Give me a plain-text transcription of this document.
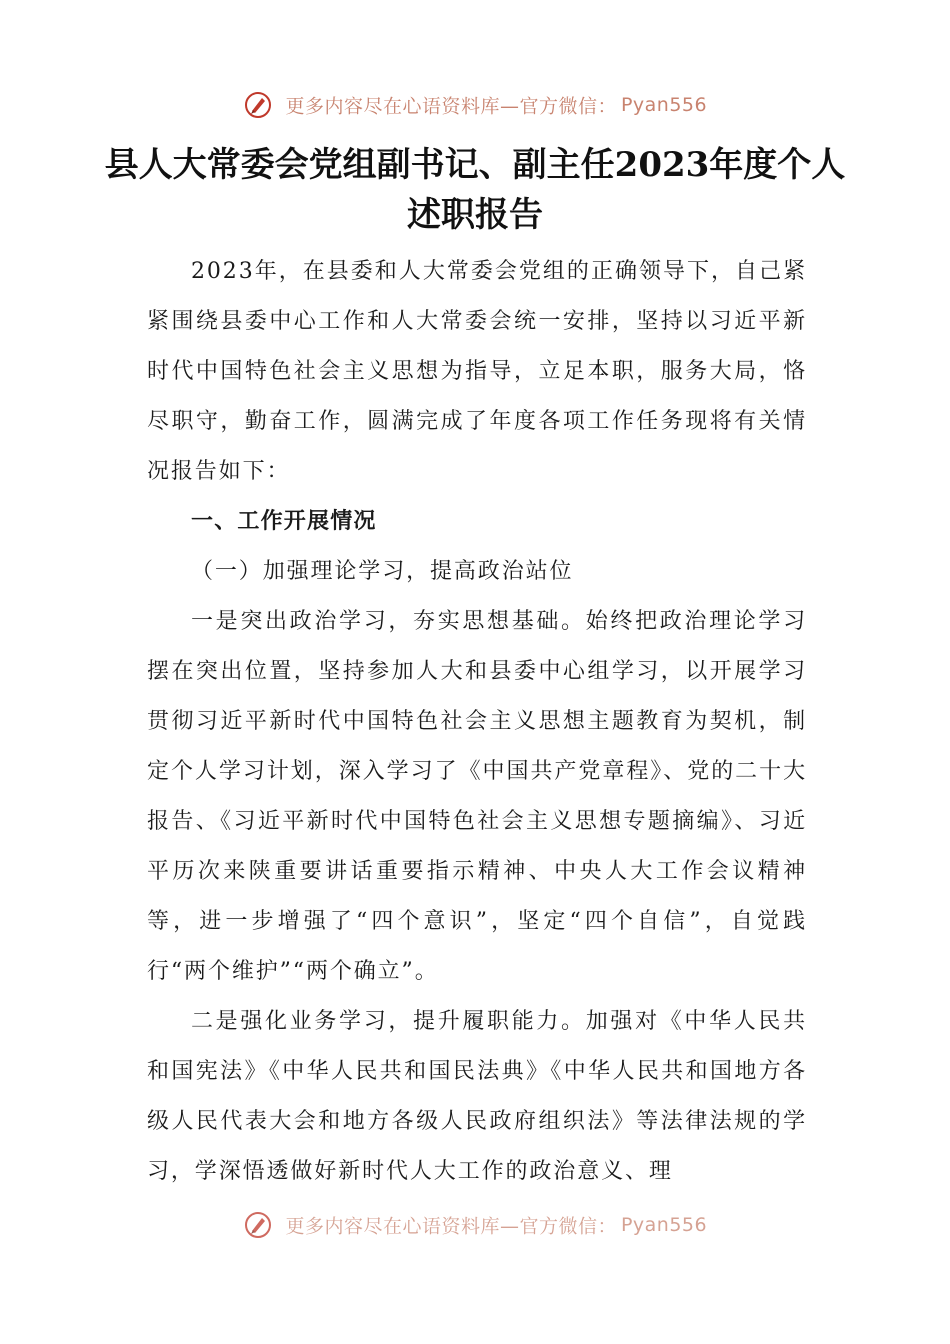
更多内容尽在心语资料库—官方微信： Pyan556
县人大常委会党组副书记、副主任2023年度个人述职报告

2023年，在县委和人大常委会党组的正确领导下，自己紧紧围绕县委中心工作和人大常委会统一安排，坚持以习近平新时代中国特色社会主义思想为指导，立足本职，服务大局，恪尽职守，勤奋工作，圆满完成了年度各项工作任务现将有关情况报告如下：

一、工作开展情况
（一）加强理论学习，提高政治站位

一是突出政治学习，夯实思想基础。始终把政治理论学习摆在突出位置，坚持参加人大和县委中心组学习，以开展学习贯彻习近平新时代中国特色社会主义思想主题教育为契机，制定个人学习计划，深入学习了《中国共产党章程》、党的二十大报告、《习近平新时代中国特色社会主义思想专题摘编》、习近平历次来陕重要讲话重要指示精神、中央人大工作会议精神等，进一步增强了“四个意识”，坚定“四个自信”，自觉践行“两个维护”“两个确立”。

二是强化业务学习，提升履职能力。加强对《中华人民共和国宪法》《中华人民共和国民法典》《中华人民共和国地方各级人民代表大会和地方各级人民政府组织法》等法律法规的学习，学深悟透做好新时代人大工作的政治意义、理

更多内容尽在心语资料库—官方微信： Pyan556
